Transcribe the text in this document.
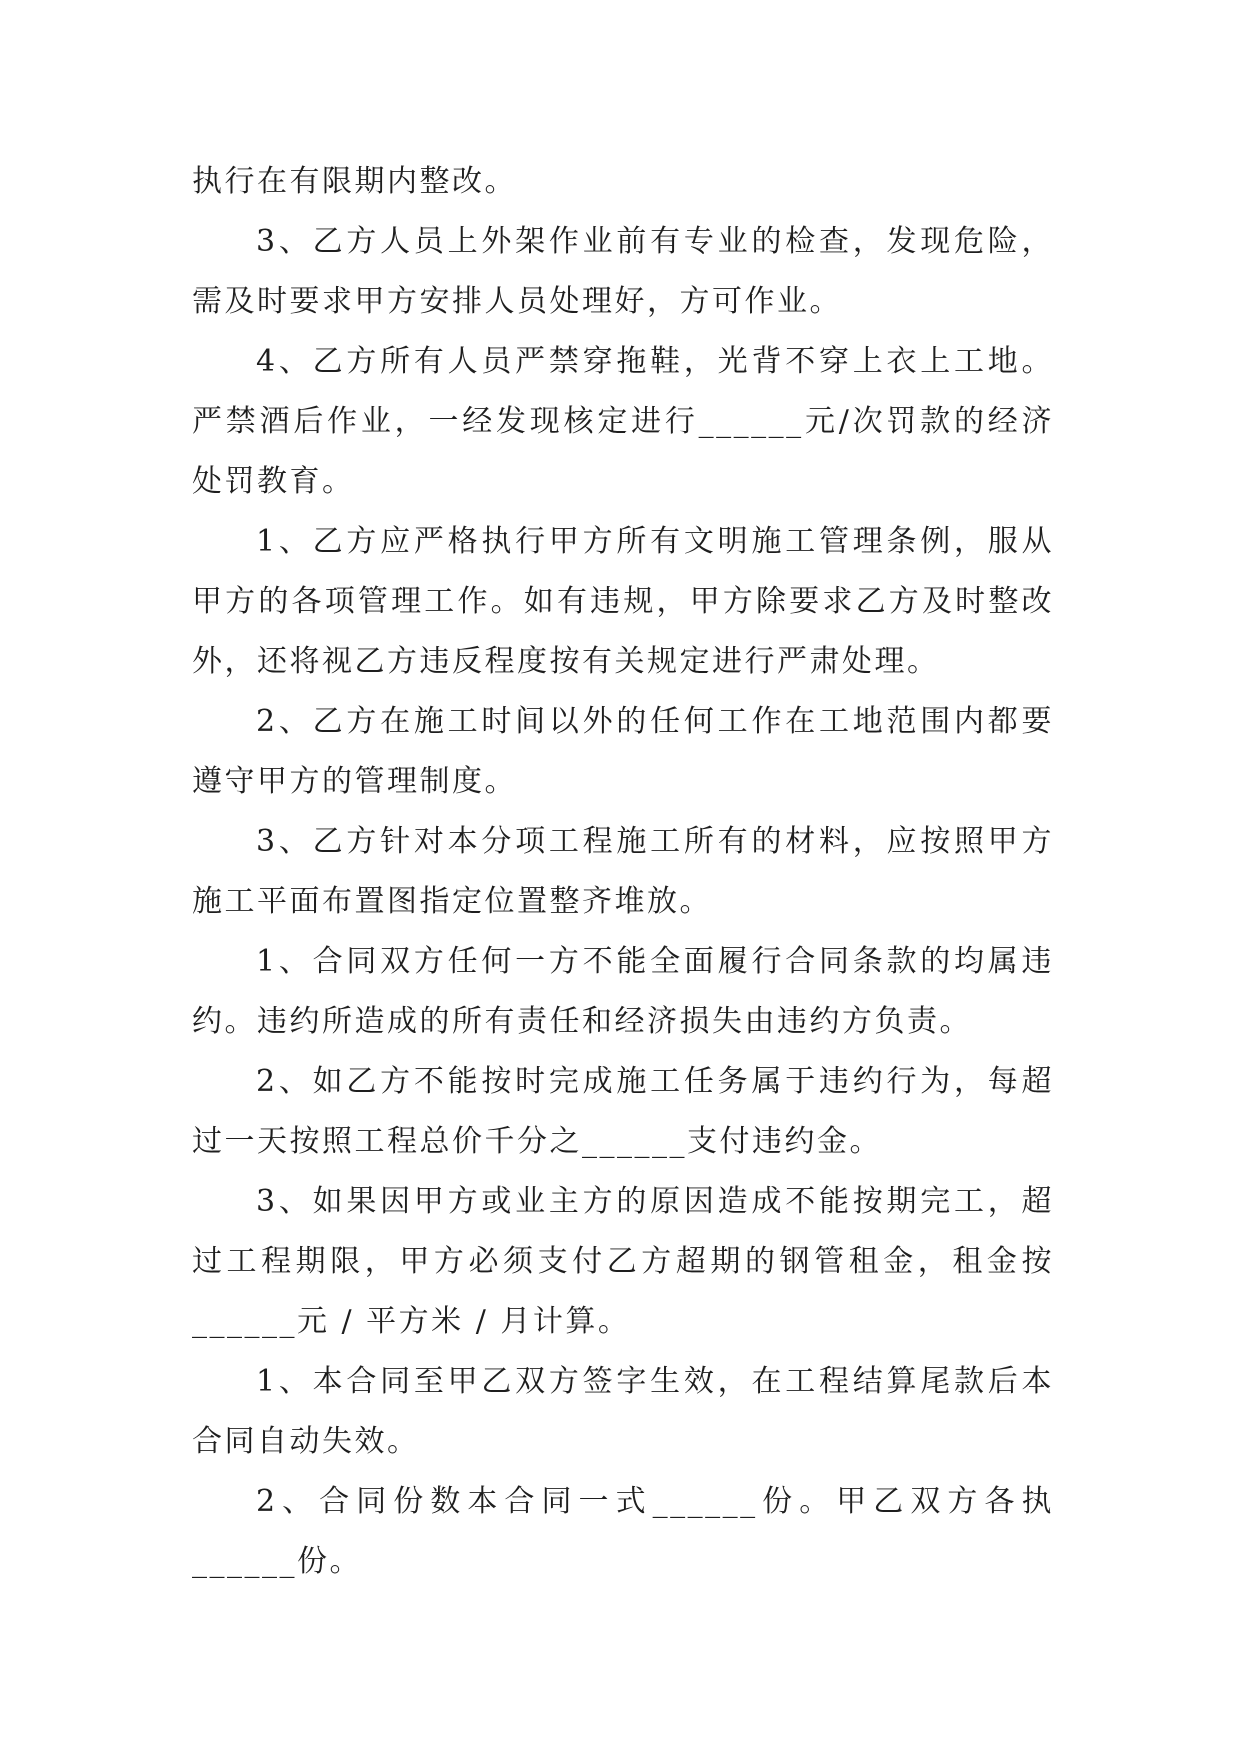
执行在有限期内整改。

3、乙方人员上外架作业前有专业的检查，发现危险，需及时要求甲方安排人员处理好，方可作业。

4、乙方所有人员严禁穿拖鞋，光背不穿上衣上工地。严禁酒后作业，一经发现核定进行______元/次罚款的经济处罚教育。

1、乙方应严格执行甲方所有文明施工管理条例，服从甲方的各项管理工作。如有违规，甲方除要求乙方及时整改外，还将视乙方违反程度按有关规定进行严肃处理。

2、乙方在施工时间以外的任何工作在工地范围内都要遵守甲方的管理制度。

3、乙方针对本分项工程施工所有的材料，应按照甲方施工平面布置图指定位置整齐堆放。

1、合同双方任何一方不能全面履行合同条款的均属违约。违约所造成的所有责任和经济损失由违约方负责。

2、如乙方不能按时完成施工任务属于违约行为，每超过一天按照工程总价千分之______支付违约金。

3、如果因甲方或业主方的原因造成不能按期完工，超过工程期限，甲方必须支付乙方超期的钢管租金，租金按______元 / 平方米 / 月计算。

1、本合同至甲乙双方签字生效，在工程结算尾款后本合同自动失效。

2、合同份数本合同一式______份。甲乙双方各执______份。
